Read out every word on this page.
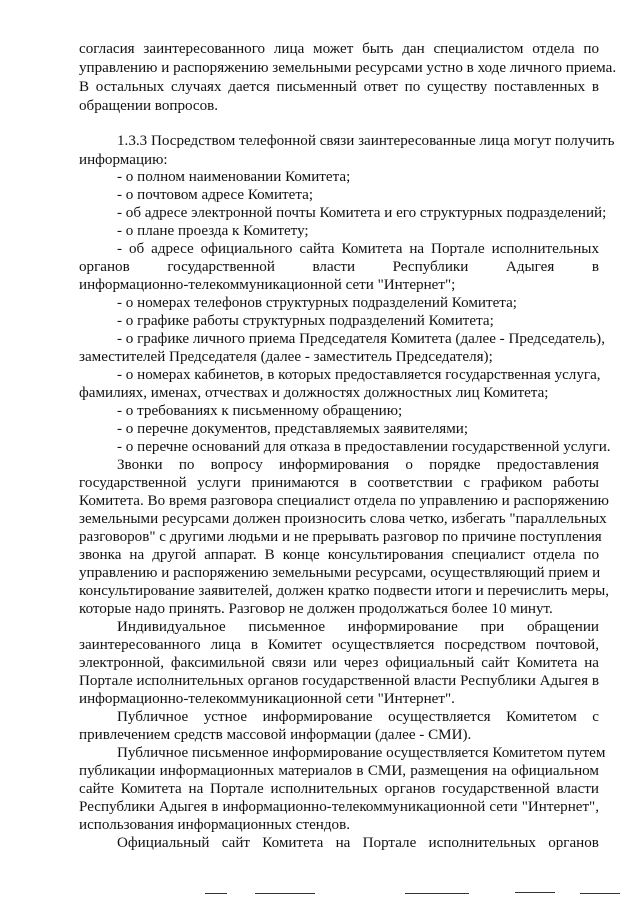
согласия заинтересованного лица может быть дан специалистом отдела по
управлению и распоряжению земельными ресурсами устно в ходе личного приема.
В остальных случаях дается письменный ответ по существу поставленных в
обращении вопросов.
1.3.3 Посредством телефонной связи заинтересованные лица могут получить
информацию:
- о полном наименовании Комитета;
- о почтовом адресе Комитета;
- об адресе электронной почты Комитета и его структурных подразделений;
- о плане проезда к Комитету;
- об адресе официального сайта Комитета на Портале исполнительных
органов государственной власти Республики Адыгея в
информационно-телекоммуникационной сети "Интернет";
- о номерах телефонов структурных подразделений Комитета;
- о графике работы структурных подразделений Комитета;
- о графике личного приема Председателя Комитета (далее - Председатель),
заместителей Председателя (далее - заместитель Председателя);
- о номерах кабинетов, в которых предоставляется государственная услуга,
фамилиях, именах, отчествах и должностях должностных лиц Комитета;
- о требованиях к письменному обращению;
- о перечне документов, представляемых заявителями;
- о перечне оснований для отказа в предоставлении государственной услуги.
Звонки по вопросу информирования о порядке предоставления
государственной услуги принимаются в соответствии с графиком работы
Комитета. Во время разговора специалист отдела по управлению и распоряжению
земельными ресурсами должен произносить слова четко, избегать "параллельных
разговоров" с другими людьми и не прерывать разговор по причине поступления
звонка на другой аппарат. В конце консультирования специалист отдела по
управлению и распоряжению земельными ресурсами, осуществляющий прием и
консультирование заявителей, должен кратко подвести итоги и перечислить меры,
которые надо принять. Разговор не должен продолжаться более 10 минут.
Индивидуальное письменное информирование при обращении
заинтересованного лица в Комитет осуществляется посредством почтовой,
электронной, факсимильной связи или через официальный сайт Комитета на
Портале исполнительных органов государственной власти Республики Адыгея в
информационно-телекоммуникационной сети "Интернет".
Публичное устное информирование осуществляется Комитетом с
привлечением средств массовой информации (далее - СМИ).
Публичное письменное информирование осуществляется Комитетом путем
публикации информационных материалов в СМИ, размещения на официальном
сайте Комитета на Портале исполнительных органов государственной власти
Республики Адыгея в информационно-телекоммуникационной сети "Интернет",
использования информационных стендов.
Официальный сайт Комитета на Портале исполнительных органов
